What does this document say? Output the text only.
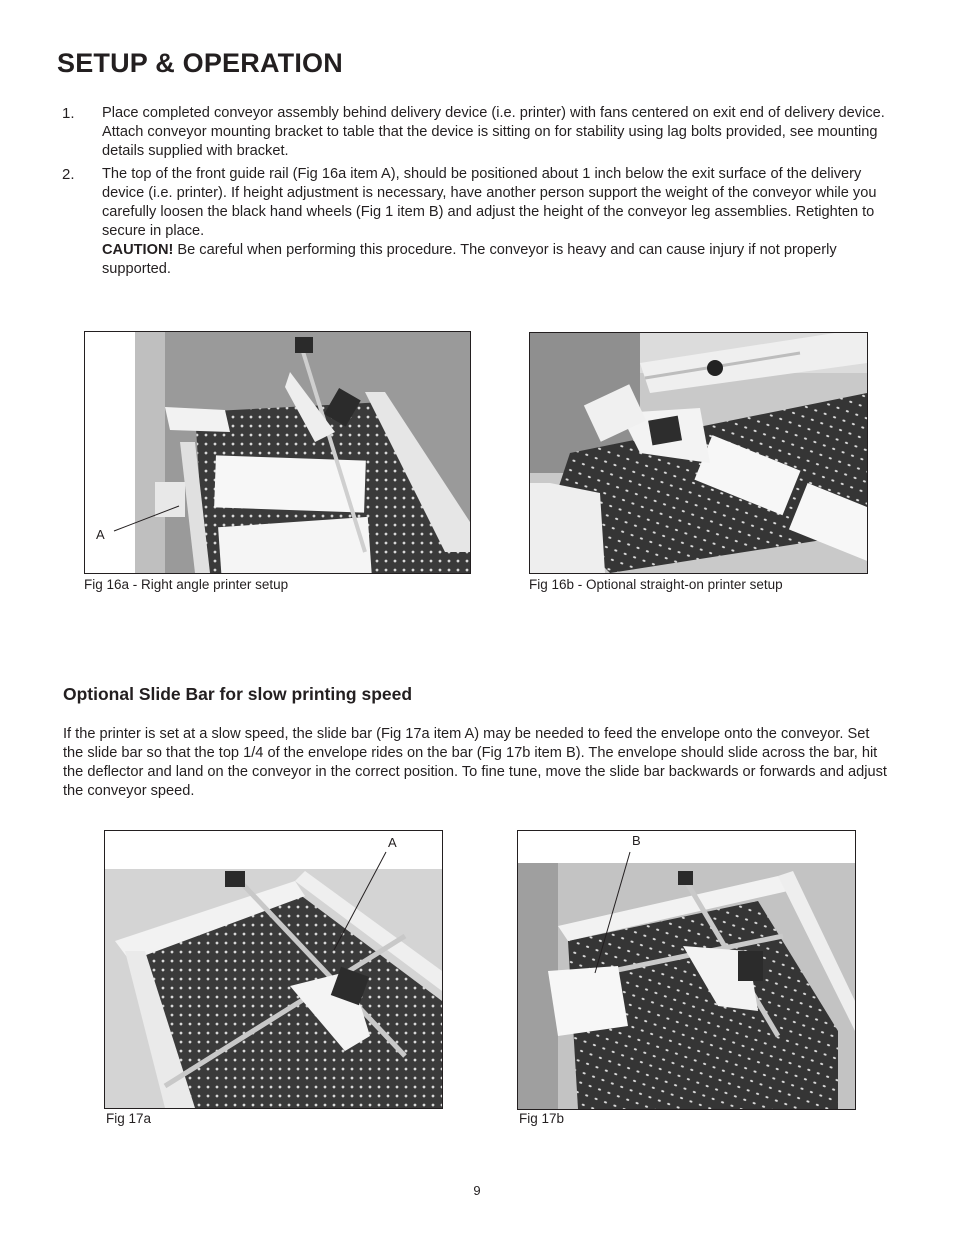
SETUP & OPERATION
1. Place completed conveyor assembly behind delivery device (i.e. printer) with fans centered on exit end of delivery device. Attach conveyor mounting bracket to table that the device is sitting on for stability using lag bolts provided, see mounting details supplied with bracket.
2. The top of the front guide rail (Fig 16a item A), should be positioned about 1 inch below the exit surface of the delivery device (i.e. printer). If height adjustment is necessary, have another person support the weight of the conveyor while you carefully loosen the black hand wheels (Fig 1 item B) and adjust the height of the conveyor leg assemblies. Retighten to secure in place.
CAUTION! Be careful when performing this procedure. The conveyor is heavy and can cause injury if not properly supported.
A
Fig 16a - Right angle printer setup	Fig 16b - Optional straight-on printer setup
Optional Slide Bar for slow printing speed
If the printer is set at a slow speed, the slide bar (Fig 17a item A) may be needed to feed the envelope onto the conveyor. Set the slide bar so that the top 1/4 of the envelope rides on the bar (Fig 17b item B). The envelope should slide across the bar, hit the deflector and land on the conveyor in the correct position. To fine tune, move the slide bar backwards or forwards and adjust the conveyor speed.
A
Fig 17a
B
Fig 17b
9
